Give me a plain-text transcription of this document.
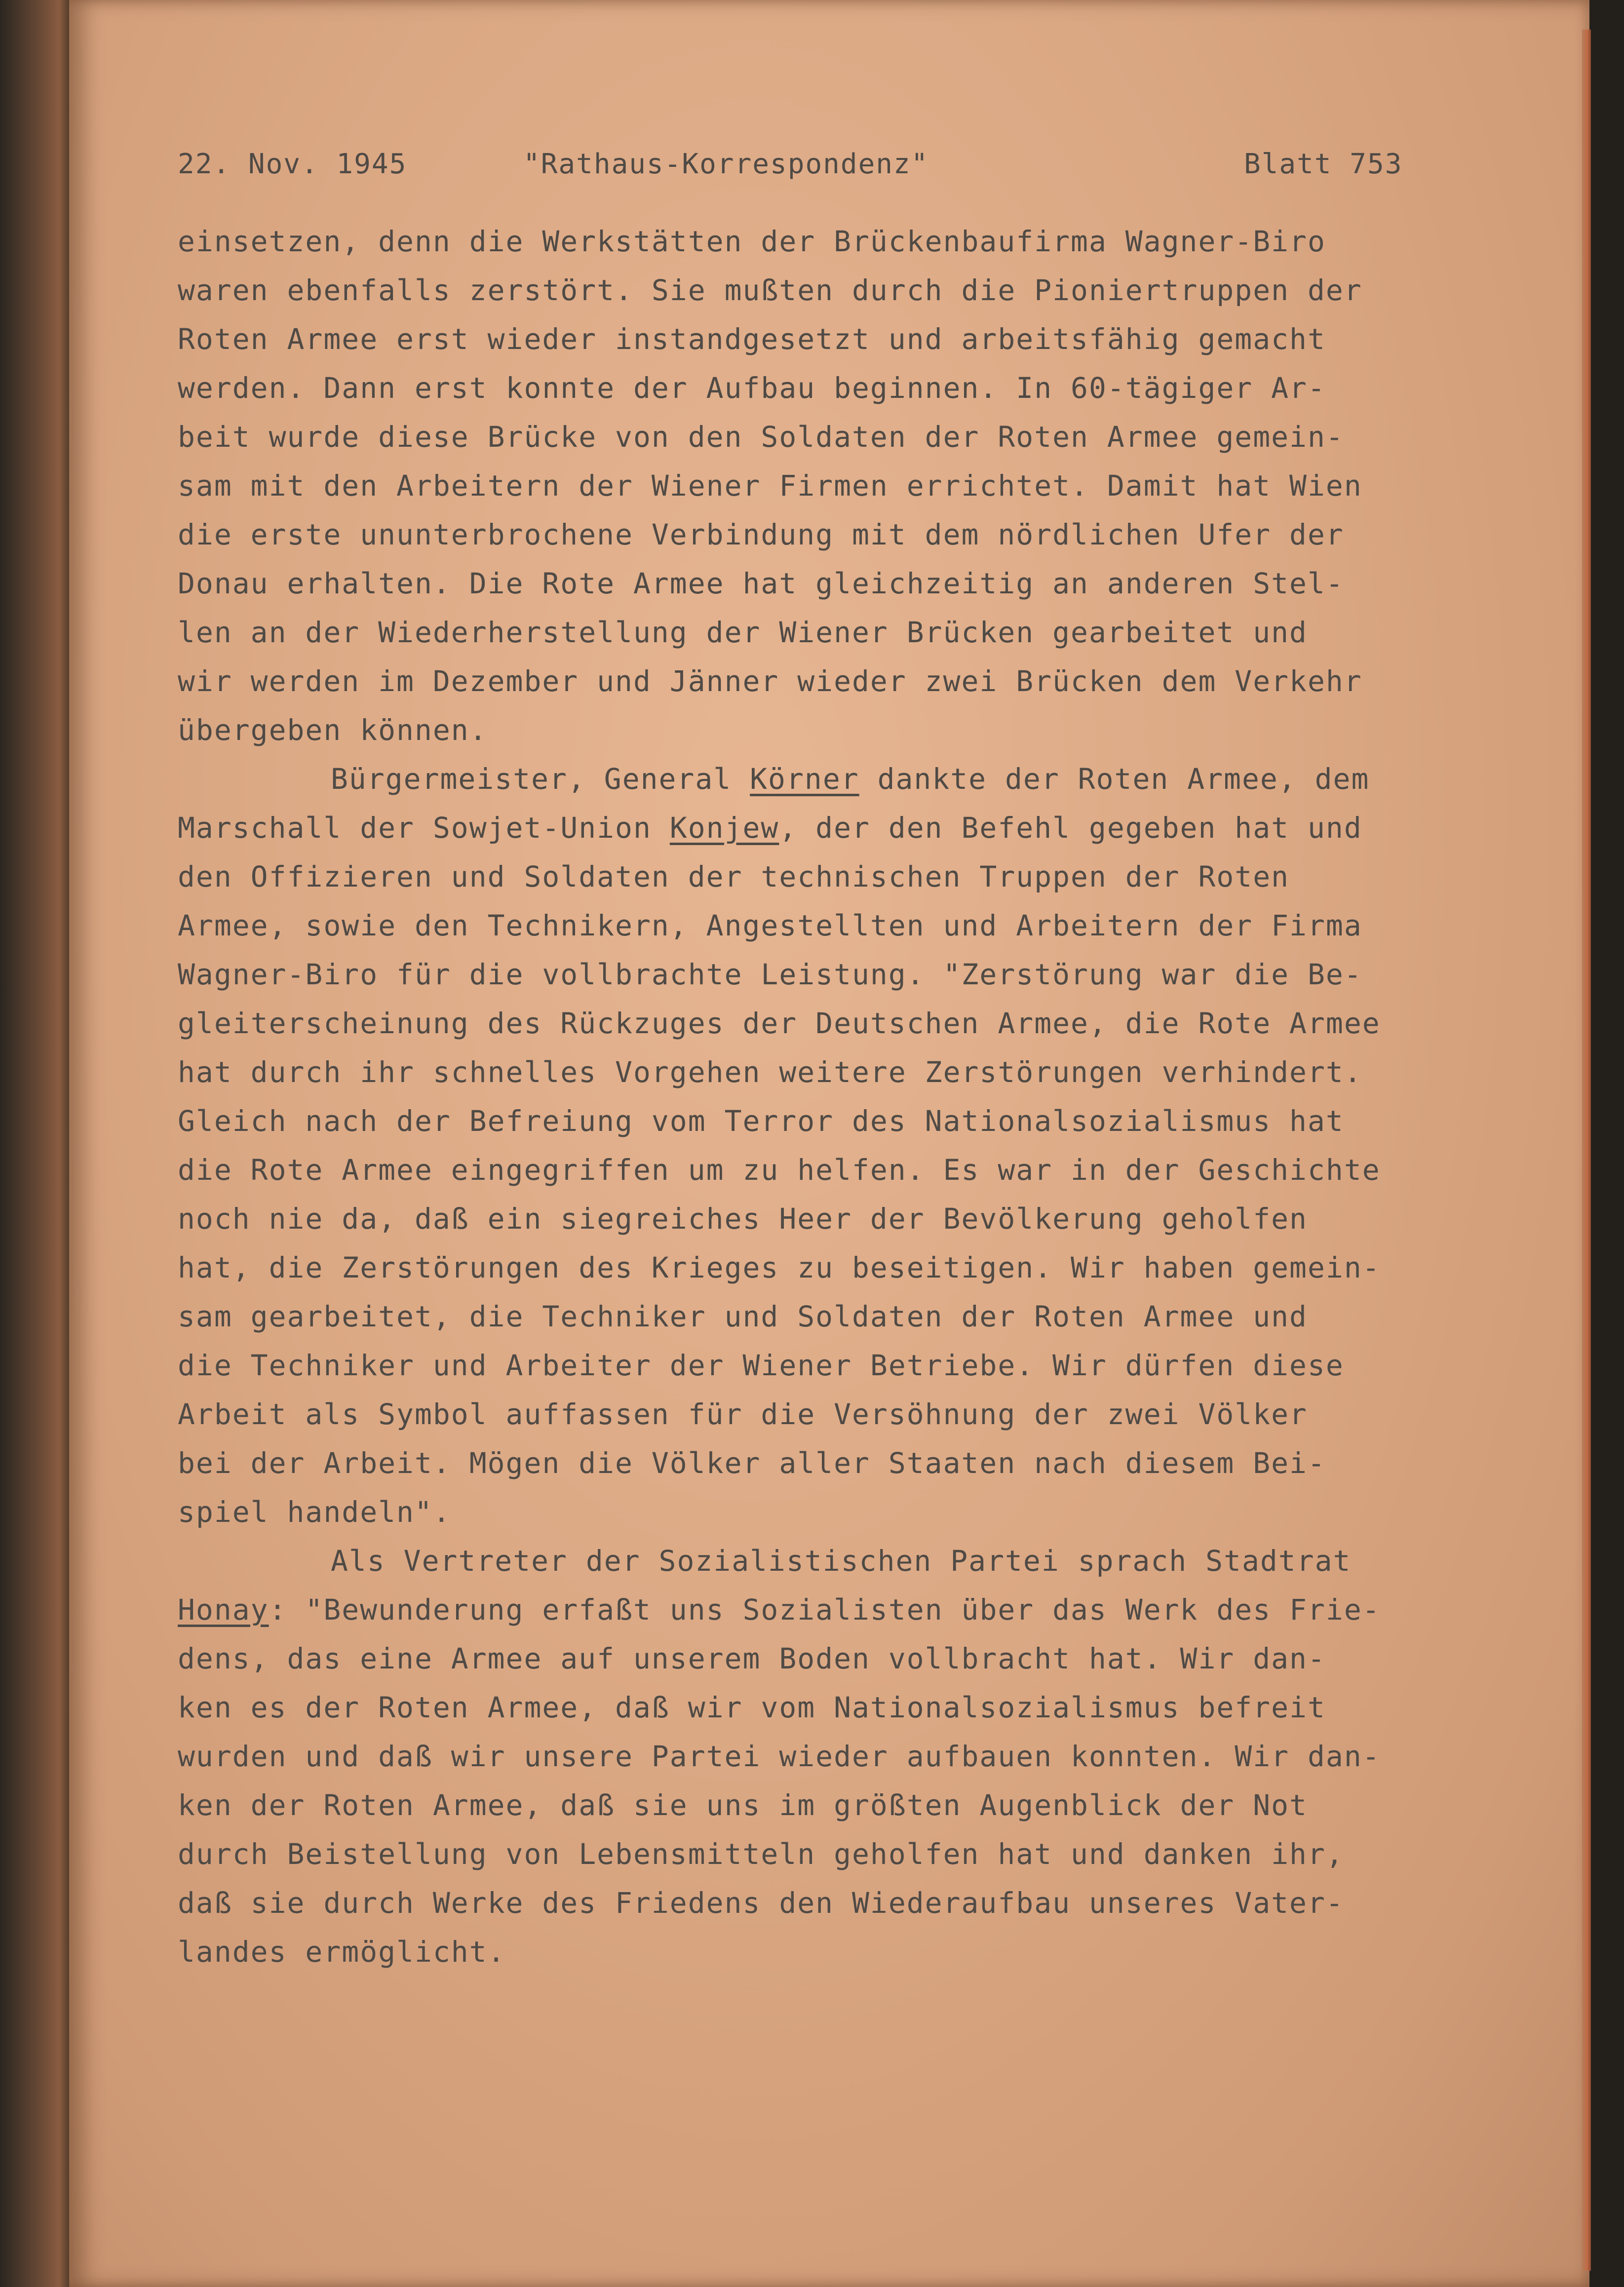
22. Nov. 1945	"Rathaus-Korrespondenz"	Blatt 753
einsetzen, denn die Werkstätten der Brückenbaufirma Wagner-Biro
waren ebenfalls zerstört. Sie mußten durch die Pioniertruppen der
Roten Armee erst wieder instandgesetzt und arbeitsfähig gemacht
werden. Dann erst konnte der Aufbau beginnen. In 60-tägiger Ar-
beit wurde diese Brücke von den Soldaten der Roten Armee gemein-
sam mit den Arbeitern der Wiener Firmen errichtet. Damit hat Wien
die erste ununterbrochene Verbindung mit dem nördlichen Ufer der
Donau erhalten. Die Rote Armee hat gleichzeitig an anderen Stel-
len an der Wiederherstellung der Wiener Brücken gearbeitet und
wir werden im Dezember und Jänner wieder zwei Brücken dem Verkehr
übergeben können.
Bürgermeister, General Körner dankte der Roten Armee, dem
Marschall der Sowjet-Union Konjew, der den Befehl gegeben hat und
den Offizieren und Soldaten der technischen Truppen der Roten
Armee, sowie den Technikern, Angestellten und Arbeitern der Firma
Wagner-Biro für die vollbrachte Leistung. "Zerstörung war die Be-
gleiterscheinung des Rückzuges der Deutschen Armee, die Rote Armee
hat durch ihr schnelles Vorgehen weitere Zerstörungen verhindert.
Gleich nach der Befreiung vom Terror des Nationalsozialismus hat
die Rote Armee eingegriffen um zu helfen. Es war in der Geschichte
noch nie da, daß ein siegreiches Heer der Bevölkerung geholfen
hat, die Zerstörungen des Krieges zu beseitigen. Wir haben gemein-
sam gearbeitet, die Techniker und Soldaten der Roten Armee und
die Techniker und Arbeiter der Wiener Betriebe. Wir dürfen diese
Arbeit als Symbol auffassen für die Versöhnung der zwei Völker
bei der Arbeit. Mögen die Völker aller Staaten nach diesem Bei-
spiel handeln".
Als Vertreter der Sozialistischen Partei sprach Stadtrat
Honay: "Bewunderung erfaßt uns Sozialisten über das Werk des Frie-
dens, das eine Armee auf unserem Boden vollbracht hat. Wir dan-
ken es der Roten Armee, daß wir vom Nationalsozialismus befreit
wurden und daß wir unsere Partei wieder aufbauen konnten. Wir dan-
ken der Roten Armee, daß sie uns im größten Augenblick der Not
durch Beistellung von Lebensmitteln geholfen hat und danken ihr,
daß sie durch Werke des Friedens den Wiederaufbau unseres Vater-
landes ermöglicht.
